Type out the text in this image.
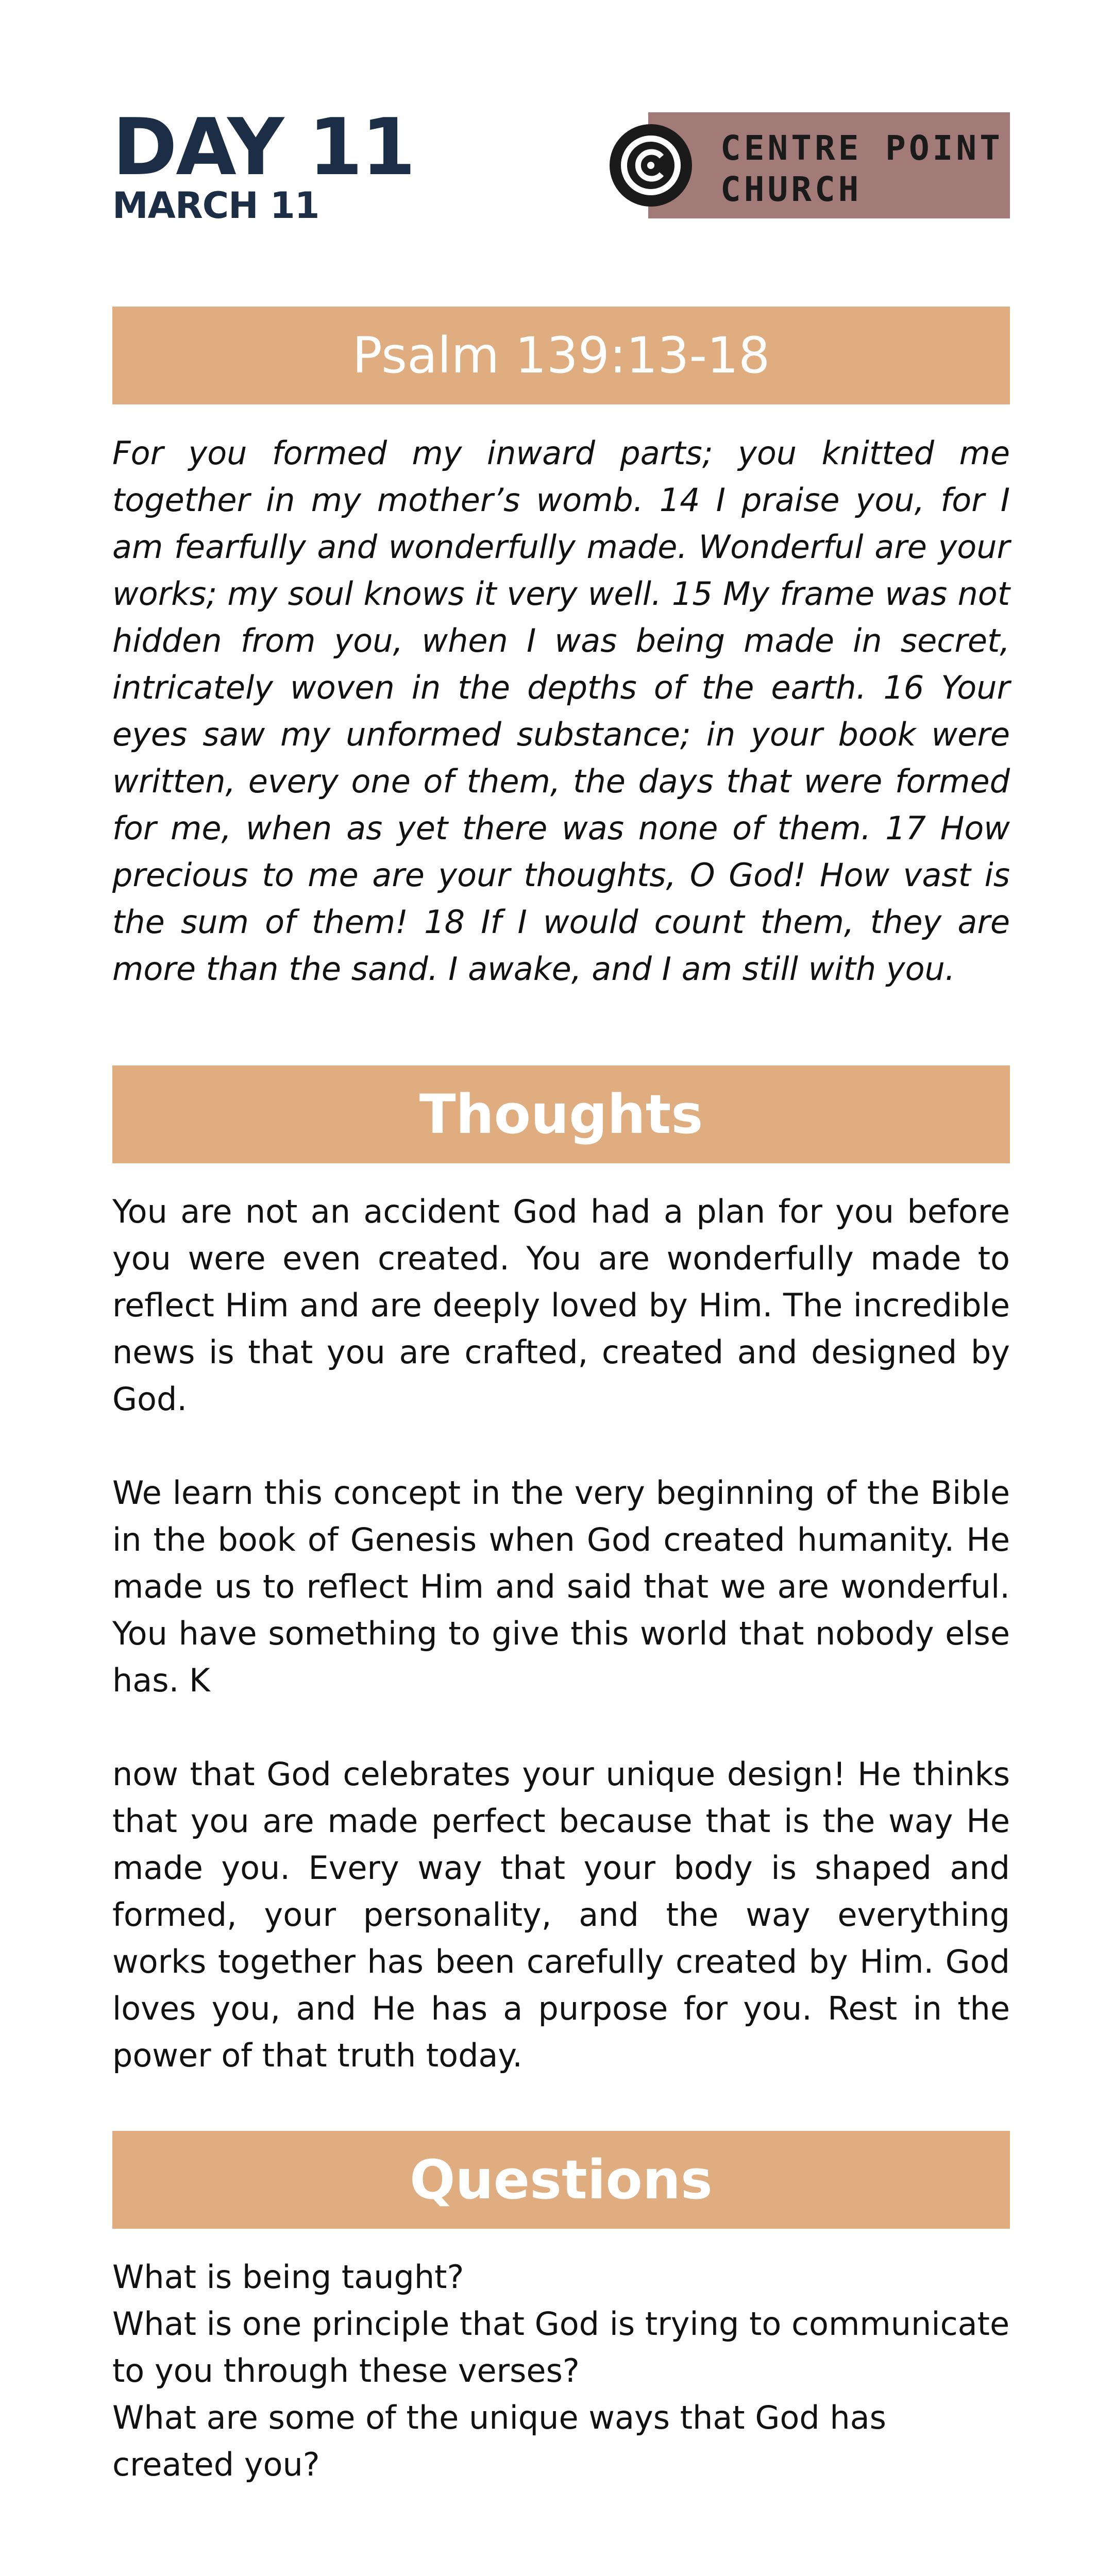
DAY 11
MARCH 11
CENTRE POINT
CHURCH
Psalm 139:13-18

For you formed my inward parts; you knitted me together in my mother’s womb. 14 I praise you, for I am fearfully and wonderfully made. Wonderful are your works; my soul knows it very well. 15 My frame was not hidden from you, when I was being made in secret, intricately woven in the depths of the earth. 16 Your eyes saw my unformed substance; in your book were written, every one of them, the days that were formed for me, when as yet there was none of them. 17 How precious to me are your thoughts, O God! How vast is the sum of them! 18 If I would count them, they are more than the sand. I awake, and I am still with you.

Thoughts

You are not an accident God had a plan for you before you were even created. You are wonderfully made to reflect Him and are deeply loved by Him. The incredible news is that you are crafted, created and designed by God.

We learn this concept in the very beginning of the Bible in the book of Genesis when God created humanity. He made us to reflect Him and said that we are wonderful. You have something to give this world that nobody else has. K

now that God celebrates your unique design! He thinks that you are made perfect because that is the way He made you. Every way that your body is shaped and formed, your personality, and the way everything works together has been carefully created by Him. God loves you, and He has a purpose for you. Rest in the power of that truth today.

Questions
What is being taught?
What is one principle that God is trying to communicate to you through these verses?
What are some of the unique ways that God has created you?
